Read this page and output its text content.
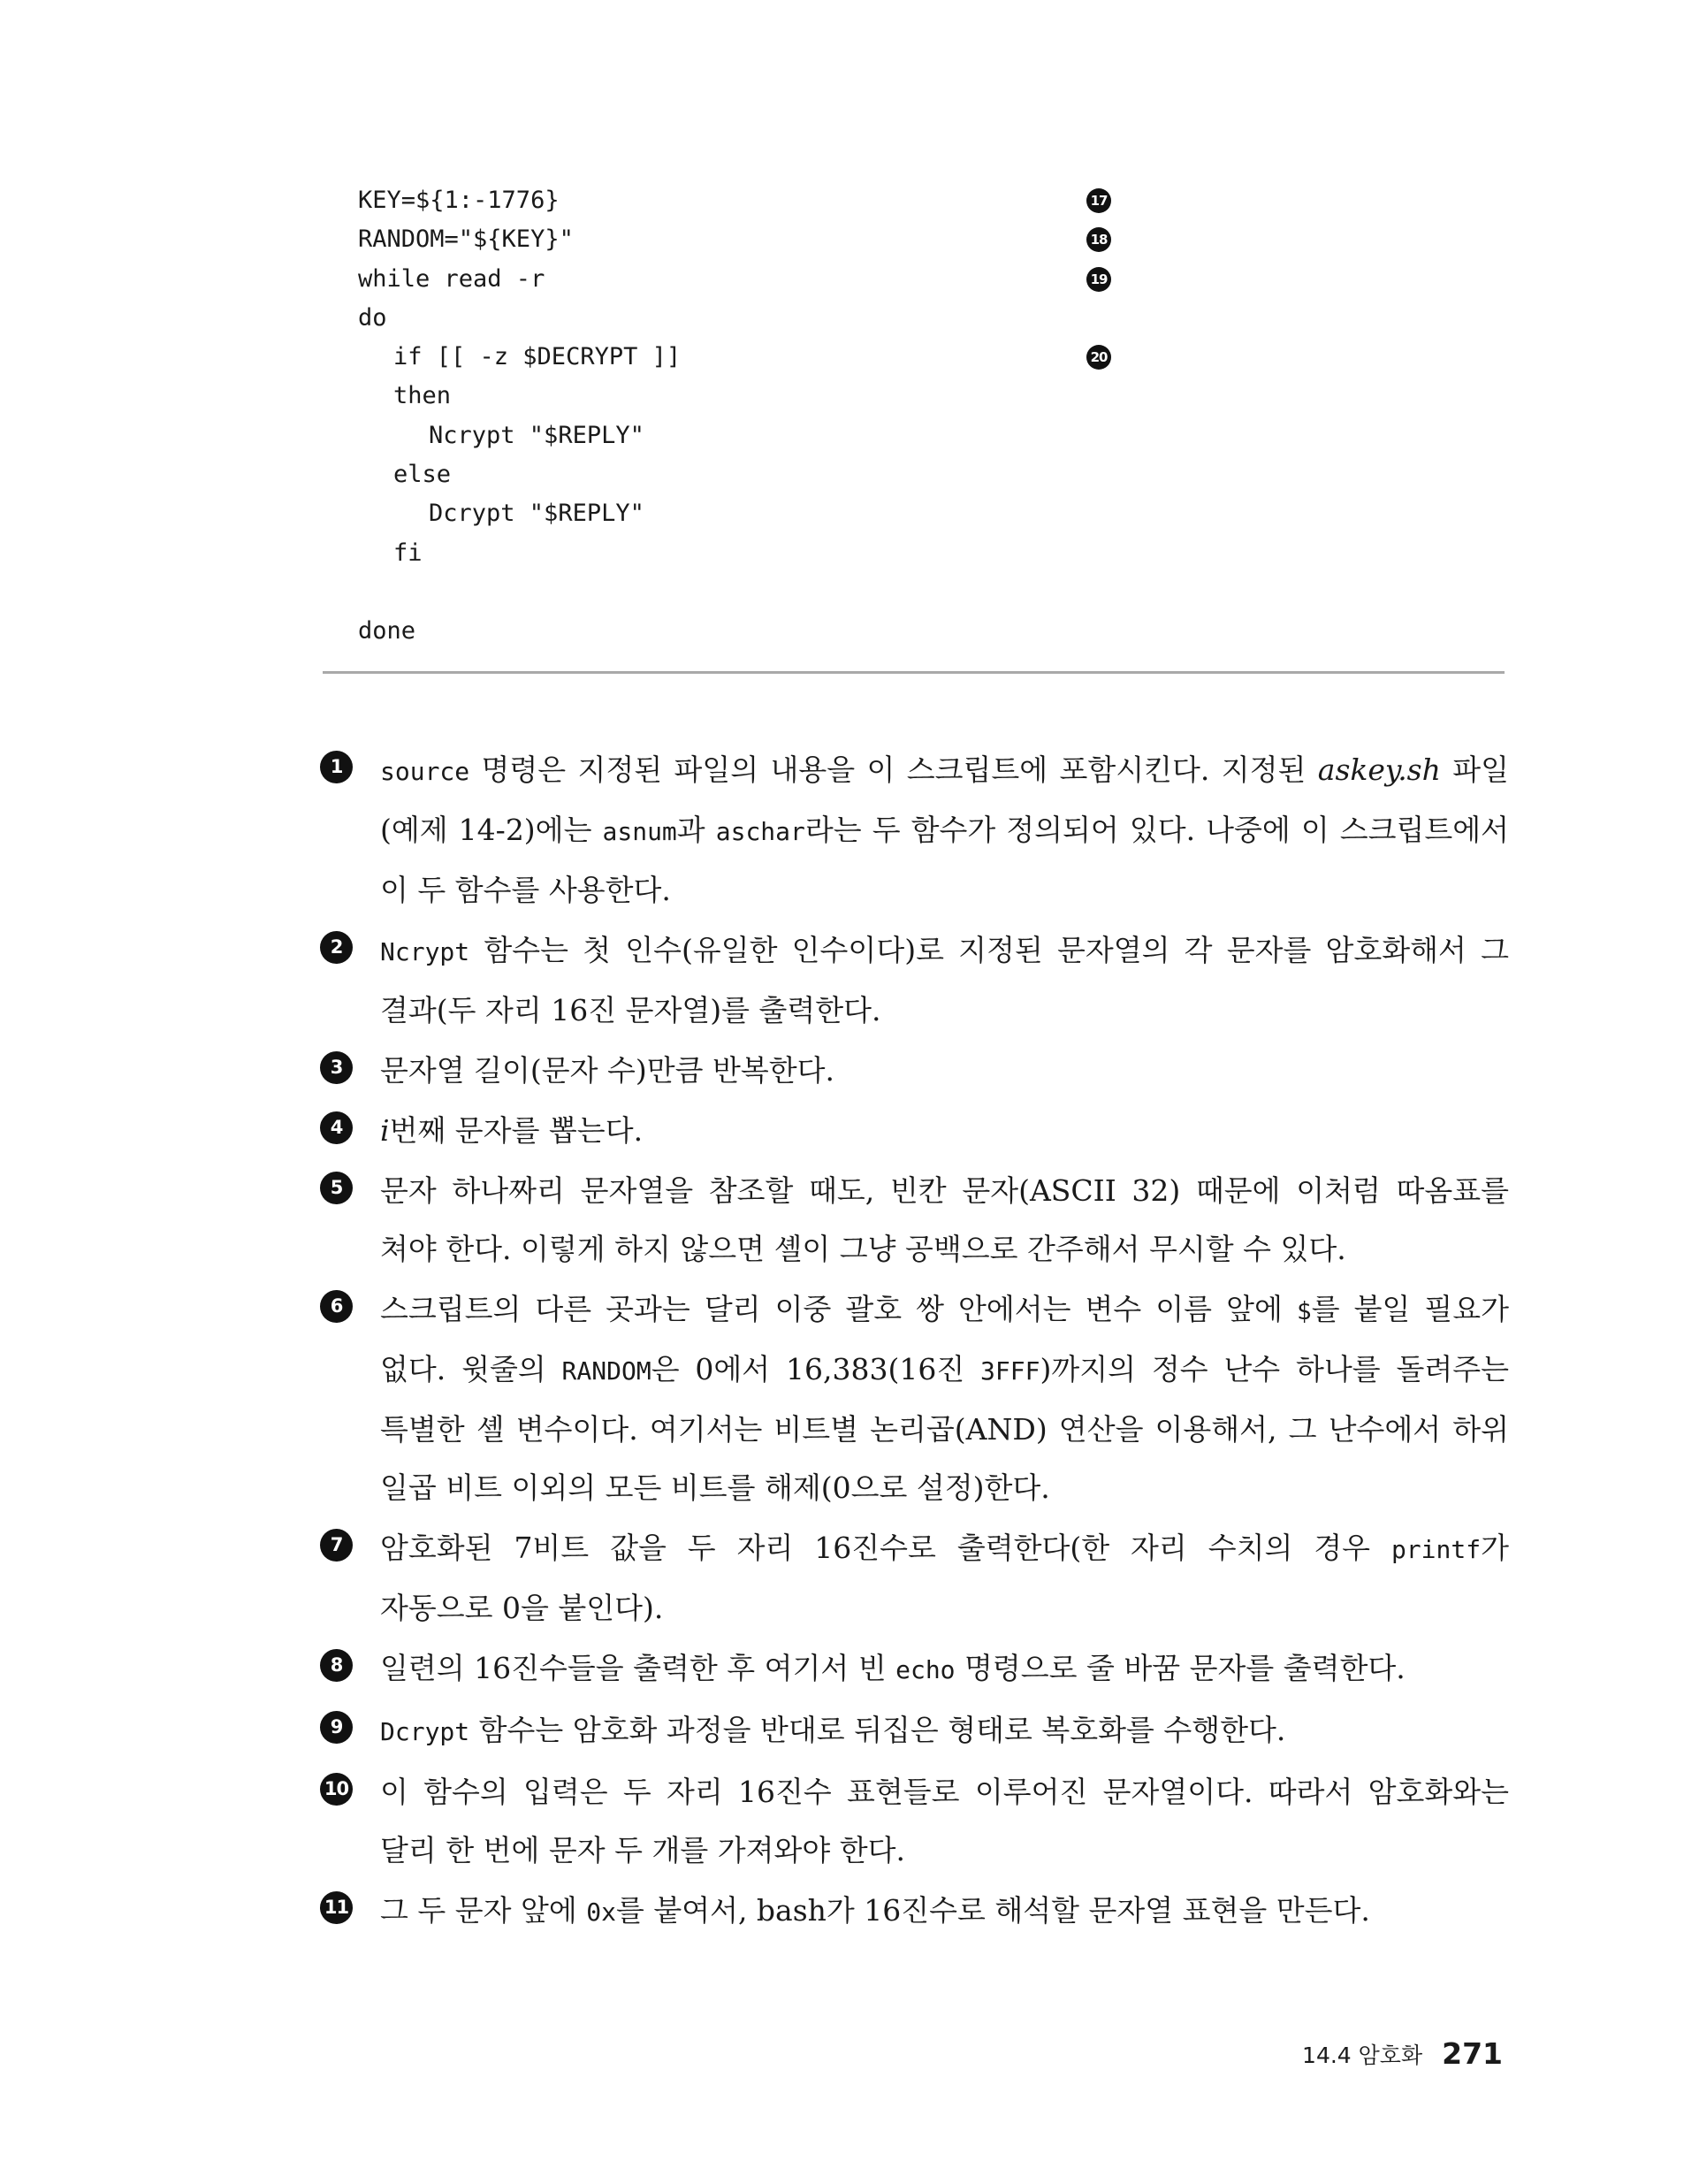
KEY=${1:-1776}	17
RANDOM="${KEY}"	18
while read -r	19
do
if [[ -z $DECRYPT ]]	20
then
Ncrypt "$REPLY"
else
Dcrypt "$REPLY"
fi
done
1	source 명령은 지정된 파일의 내용을 이 스크립트에 포함시킨다. 지정된 askey.sh 파일(예제 14-2)에는 asnum과 aschar라는 두 함수가 정의되어 있다. 나중에 이 스크립트에서 이 두 함수를 사용한다.
2	Ncrypt 함수는 첫 인수(유일한 인수이다)로 지정된 문자열의 각 문자를 암호화해서 그 결과(두 자리 16진 문자열)를 출력한다.
3	문자열 길이(문자 수)만큼 반복한다.
4	i번째 문자를 뽑는다.
5	문자 하나짜리 문자열을 참조할 때도, 빈칸 문자(ASCII 32) 때문에 이처럼 따옴표를 쳐야 한다. 이렇게 하지 않으면 셸이 그냥 공백으로 간주해서 무시할 수 있다.
6	스크립트의 다른 곳과는 달리 이중 괄호 쌍 안에서는 변수 이름 앞에 $를 붙일 필요가 없다. 윗줄의 RANDOM은 0에서 16,383(16진 3FFF)까지의 정수 난수 하나를 돌려주는 특별한 셸 변수이다. 여기서는 비트별 논리곱(AND) 연산을 이용해서, 그 난수에서 하위 일곱 비트 이외의 모든 비트를 해제(0으로 설정)한다.
7	암호화된 7비트 값을 두 자리 16진수로 출력한다(한 자리 수치의 경우 printf가 자동으로 0을 붙인다).
8	일련의 16진수들을 출력한 후 여기서 빈 echo 명령으로 줄 바꿈 문자를 출력한다.
9	Dcrypt 함수는 암호화 과정을 반대로 뒤집은 형태로 복호화를 수행한다.
10 이 함수의 입력은 두 자리 16진수 표현들로 이루어진 문자열이다. 따라서 암호화와는 달리 한 번에 문자 두 개를 가져와야 한다.
11 그 두 문자 앞에 0x를 붙여서, bash가 16진수로 해석할 문자열 표현을 만든다.
14.4 암호화 271
